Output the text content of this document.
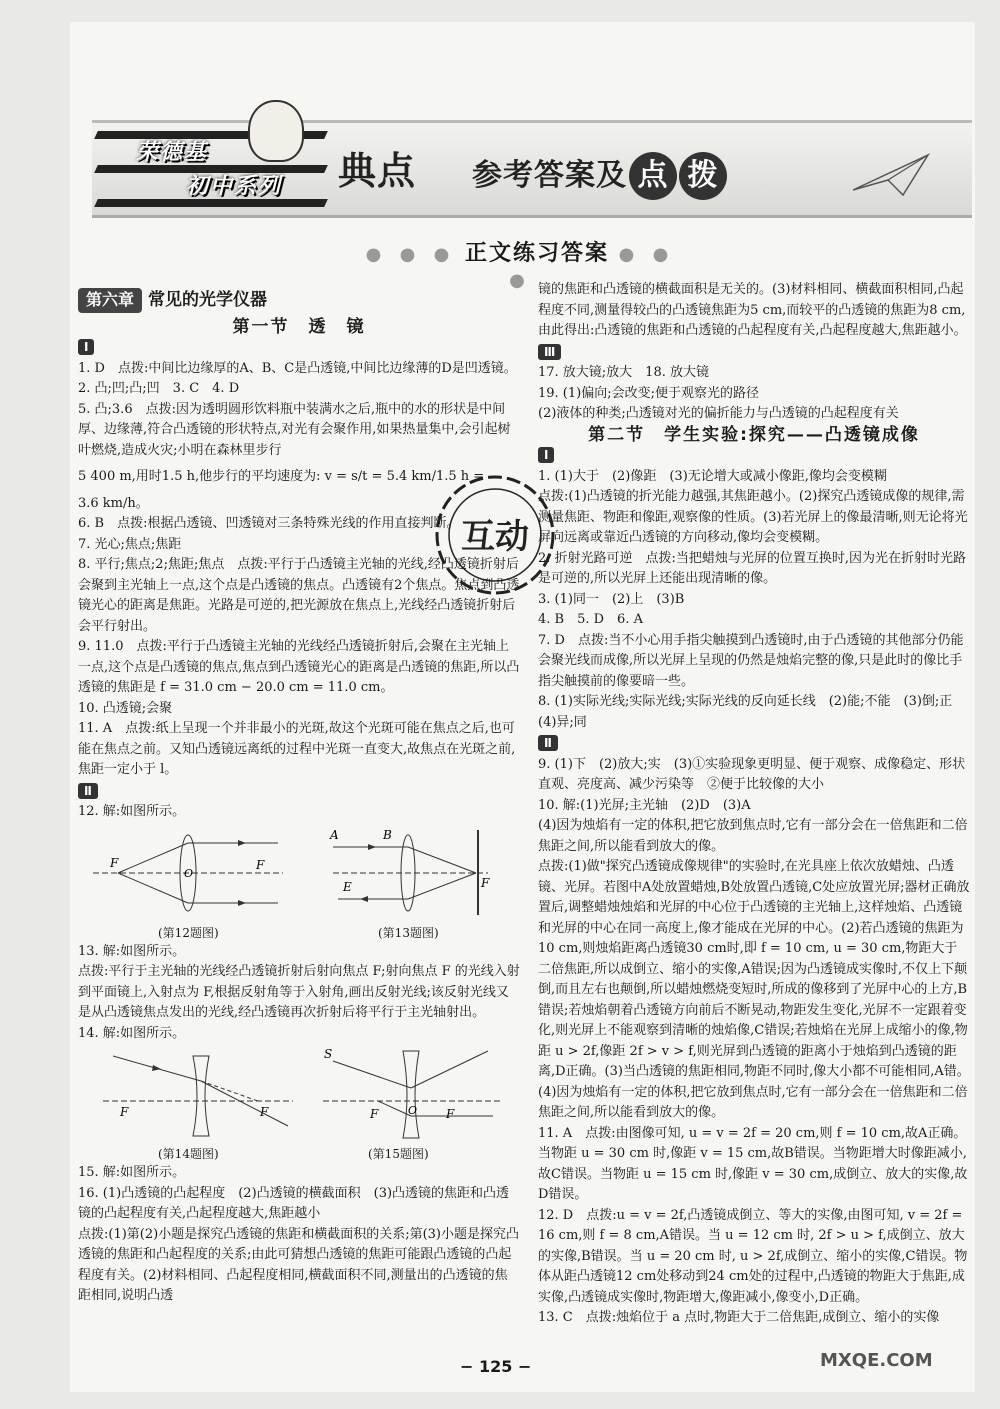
荣德基
初中系列 典点 参考答案及 点 拨
● ● ● 正文练习答案 ● ● ●

第六章 常见的光学仪器

第一节　透　镜

Ⅰ

1. D　点拨:中间比边缘厚的A、B、C是凸透镜,中间比边缘薄的D是凹透镜。

2. 凸;凹;凸;凹　3. C　4. D

5. 凸;3.6　点拨:因为透明圆形饮料瓶中装满水之后,瓶中的水的形状是中间厚、边缘薄,符合凸透镜的形状特点,对光有会聚作用,如果热量集中,会引起树叶燃烧,造成火灾;小明在森林里步行

5 400 m,用时1.5 h,他步行的平均速度为: v = s/t = 5.4 km/1.5 h =

3.6 km/h。

6. B　点拨:根据凸透镜、凹透镜对三条特殊光线的作用直接判断。

7. 光心;焦点;焦距

8. 平行;焦点;2;焦距;焦点　点拨:平行于凸透镜主光轴的光线,经凸透镜折射后会聚到主光轴上一点,这个点是凸透镜的焦点。凸透镜有2个焦点。焦点到凸透镜光心的距离是焦距。光路是可逆的,把光源放在焦点上,光线经凸透镜折射后会平行射出。

9. 11.0　点拨:平行于凸透镜主光轴的光线经凸透镜折射后,会聚在主光轴上一点,这个点是凸透镜的焦点,焦点到凸透镜光心的距离是凸透镜的焦距,所以凸透镜的焦距是 f = 31.0 cm − 20.0 cm = 11.0 cm。

10. 凸透镜;会聚

11. A　点拨:纸上呈现一个并非最小的光斑,故这个光斑可能在焦点之后,也可能在焦点之前。又知凸透镜远离纸的过程中光斑一直变大,故焦点在光斑之前,焦距一定小于 l。

Ⅱ

12. 解:如图所示。

F
O
F
A	B
E	F
(第12题图)	(第13题图)

13. 解:如图所示。

点拨:平行于主光轴的光线经凸透镜折射后射向焦点 F;射向焦点 F 的光线入射到平面镜上,入射点为 F,根据反射角等于入射角,画出反射光线;该反射光线又是从凸透镜焦点发出的光线,经凸透镜再次折射后将平行于主光轴射出。

14. 解:如图所示。

F	F
S
F	O F
(第14题图)	(第15题图)

15. 解:如图所示。

16. (1)凸透镜的凸起程度　(2)凸透镜的横截面积　(3)凸透镜的焦距和凸透镜的凸起程度有关,凸起程度越大,焦距越小

点拨:(1)第(2)小题是探究凸透镜的焦距和横截面积的关系;第(3)小题是探究凸透镜的焦距和凸起程度的关系;由此可猜想凸透镜的焦距可能跟凸透镜的凸起程度有关。(2)材料相同、凸起程度相同,横截面积不同,测量出的凸透镜的焦距相同,说明凸透

镜的焦距和凸透镜的横截面积是无关的。(3)材料相同、横截面积相同,凸起程度不同,测量得较凸的凸透镜焦距为5 cm,而较平的凸透镜的焦距为8 cm,由此得出:凸透镜的焦距和凸透镜的凸起程度有关,凸起程度越大,焦距越小。

Ⅲ

17. 放大镜;放大　18. 放大镜

19. (1)偏向;会改变;便于观察光的路径

(2)液体的种类;凸透镜对光的偏折能力与凸透镜的凸起程度有关

第二节　学生实验:探究——凸透镜成像

Ⅰ

1. (1)大于　(2)像距　(3)无论增大或减小像距,像均会变模糊

点拨:(1)凸透镜的折光能力越强,其焦距越小。(2)探究凸透镜成像的规律,需测量焦距、物距和像距,观察像的性质。(3)若光屏上的像最清晰,则无论将光屏向远离或靠近凸透镜的方向移动,像均会变模糊。

2. 折射光路可逆　点拨:当把蜡烛与光屏的位置互换时,因为光在折射时光路是可逆的,所以光屏上还能出现清晰的像。

3. (1)同一　(2)上　(3)B

4. B　5. D　6. A

7. D　点拨:当不小心用手指尖触摸到凸透镜时,由于凸透镜的其他部分仍能会聚光线而成像,所以光屏上呈现的仍然是烛焰完整的像,只是此时的像比手指尖触摸前的像要暗一些。

8. (1)实际光线;实际光线;实际光线的反向延长线　(2)能;不能　(3)倒;正　(4)异;同

Ⅱ

9. (1)下　(2)放大;实　(3)①实验现象更明显、便于观察、成像稳定、形状直观、亮度高、减少污染等　②便于比较像的大小

10. 解:(1)光屏;主光轴　(2)D　(3)A

(4)因为烛焰有一定的体积,把它放到焦点时,它有一部分会在一倍焦距和二倍焦距之间,所以能看到放大的像。

点拨:(1)做"探究凸透镜成像规律"的实验时,在光具座上依次放蜡烛、凸透镜、光屏。若图中A处放置蜡烛,B处放置凸透镜,C处应放置光屏;器材正确放置后,调整蜡烛烛焰和光屏的中心位于凸透镜的主光轴上,这样烛焰、凸透镜和光屏的中心在同一高度上,像才能成在光屏的中心。(2)若凸透镜的焦距为10 cm,则烛焰距离凸透镜30 cm时,即 f = 10 cm, u = 30 cm,物距大于二倍焦距,所以成倒立、缩小的实像,A错误;因为凸透镜成实像时,不仅上下颠倒,而且左右也颠倒,所以蜡烛燃烧变短时,所成的像移到了光屏中心的上方,B错误;若烛焰朝着凸透镜方向前后不断晃动,物距发生变化,光屏不一定跟着变化,则光屏上不能观察到清晰的烛焰像,C错误;若烛焰在光屏上成缩小的像,物距 u > 2f,像距 2f > v > f,则光屏到凸透镜的距离小于烛焰到凸透镜的距离,D正确。(3)当凸透镜的焦距相同,物距不同时,像大小都不可能相同,A错。(4)因为烛焰有一定的体积,把它放到焦点时,它有一部分会在一倍焦距和二倍焦距之间,所以能看到放大的像。

11. A　点拨:由图像可知, u = v = 2f = 20 cm,则 f = 10 cm,故A正确。当物距 u = 30 cm 时,像距 v = 15 cm,故B错误。当物距增大时像距减小,故C错误。当物距 u = 15 cm 时,像距 v = 30 cm,成倒立、放大的实像,故D错误。

12. D　点拨:u = v = 2f,凸透镜成倒立、等大的实像,由图可知, v = 2f = 16 cm,则 f = 8 cm,A错误。当 u = 12 cm 时, 2f > u > f,成倒立、放大的实像,B错误。当 u = 20 cm 时, u > 2f,成倒立、缩小的实像,C错误。物体从距凸透镜12 cm处移动到24 cm处的过程中,凸透镜的物距大于焦距,成实像,凸透镜成实像时,物距增大,像距减小,像变小,D正确。

13. C　点拨:烛焰位于 a 点时,物距大于二倍焦距,成倒立、缩小的实像

互动
− 125 −	MXQE.COM
